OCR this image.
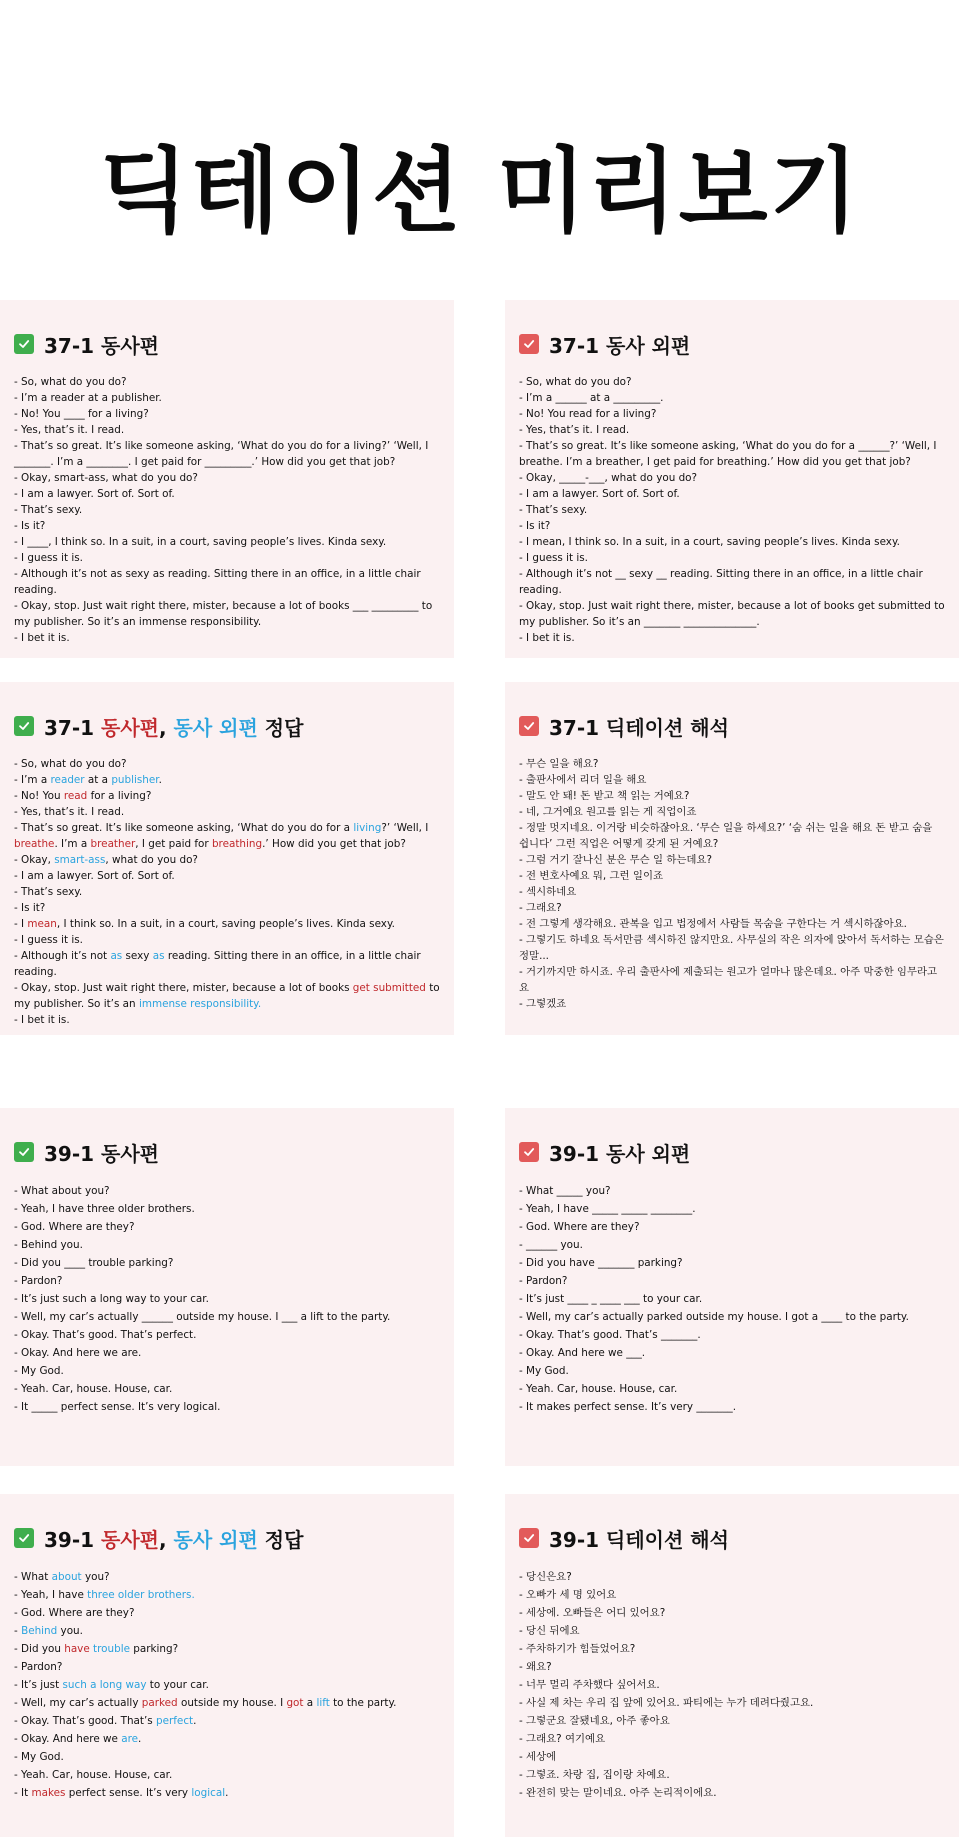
딕테이션 미리보기
37-1 동사편
- So, what do you do?
- I’m a reader at a publisher.
- No! You ____ for a living?
- Yes, that’s it. I read.
- That’s so great. It’s like someone asking, ‘What do you do for a living?’ ‘Well, I _______. I’m a ________. I get paid for _________.’ How did you get that job?
- Okay, smart-ass, what do you do?
- I am a lawyer. Sort of. Sort of.
- That’s sexy.
- Is it?
- I ____, I think so. In a suit, in a court, saving people’s lives. Kinda sexy.
- I guess it is.
- Although it’s not as sexy as reading. Sitting there in an office, in a little chair reading.
- Okay, stop. Just wait right there, mister, because a lot of books ___ _________ to my publisher. So it’s an immense responsibility.
- I bet it is.
37-1 동사 외편
- So, what do you do?
- I’m a ______ at a _________.
- No! You read for a living?
- Yes, that’s it. I read.
- That’s so great. It’s like someone asking, ‘What do you do for a ______?’ ‘Well, I breathe. I’m a breather, I get paid for breathing.’ How did you get that job?
- Okay, _____-___, what do you do?
- I am a lawyer. Sort of. Sort of.
- That’s sexy.
- Is it?
- I mean, I think so. In a suit, in a court, saving people’s lives. Kinda sexy.
- I guess it is.
- Although it’s not __ sexy __ reading. Sitting there in an office, in a little chair reading.
- Okay, stop. Just wait right there, mister, because a lot of books get submitted to my publisher. So it’s an _______ ______________.
- I bet it is.
37-1 동사편, 동사 외편 정답
- So, what do you do?
- I’m a reader at a publisher.
- No! You read for a living?
- Yes, that’s it. I read.
- That’s so great. It’s like someone asking, ‘What do you do for a living?’ ‘Well, I breathe. I’m a breather, I get paid for breathing.’ How did you get that job?
- Okay, smart-ass, what do you do?
- I am a lawyer. Sort of. Sort of.
- That’s sexy.
- Is it?
- I mean, I think so. In a suit, in a court, saving people’s lives. Kinda sexy.
- I guess it is.
- Although it’s not as sexy as reading. Sitting there in an office, in a little chair reading.
- Okay, stop. Just wait right there, mister, because a lot of books get submitted to my publisher. So it’s an immense responsibility.
- I bet it is.
37-1 딕테이션 해석
- 무슨 일을 해요?
- 출판사에서 리더 일을 해요
- 말도 안 돼! 돈 받고 책 읽는 거예요?
- 네, 그거예요 원고를 읽는 게 직업이죠
- 정말 멋지네요. 이거랑 비슷하잖아요. ‘무슨 일을 하세요?’ ‘숨 쉬는 일을 해요 돈 받고 숨을 쉽니다’ 그런 직업은 어떻게 갖게 된 거예요?
- 그럼 거기 잘나신 분은 무슨 일 하는데요?
- 전 변호사예요 뭐, 그런 일이죠
- 섹시하네요
- 그래요?
- 전 그렇게 생각해요. 관복을 입고 법정에서 사람들 목숨을 구한다는 거 섹시하잖아요.
- 그렇기도 하네요 독서만큼 섹시하진 않지만요. 사무실의 작은 의자에 앉아서 독서하는 모습은 정말...
- 거기까지만 하시죠. 우리 출판사에 제출되는 원고가 얼마나 많은데요. 아주 막중한 임무라고요
- 그렇겠죠
39-1 동사편
- What about you?
- Yeah, I have three older brothers.
- God. Where are they?
- Behind you.
- Did you ____ trouble parking?
- Pardon?
- It’s just such a long way to your car.
- Well, my car’s actually ______ outside my house. I ___ a lift to the party.
- Okay. That’s good. That’s perfect.
- Okay. And here we are.
- My God.
- Yeah. Car, house. House, car.
- It _____ perfect sense. It’s very logical.
39-1 동사 외편
- What _____ you?
- Yeah, I have _____ _____ ________.
- God. Where are they?
- ______ you.
- Did you have _______ parking?
- Pardon?
- It’s just ____ _ ____ ___ to your car.
- Well, my car’s actually parked outside my house. I got a ____ to the party.
- Okay. That’s good. That’s _______.
- Okay. And here we ___.
- My God.
- Yeah. Car, house. House, car.
- It makes perfect sense. It’s very _______.
39-1 동사편, 동사 외편 정답
- What about you?
- Yeah, I have three older brothers.
- God. Where are they?
- Behind you.
- Did you have trouble parking?
- Pardon?
- It’s just such a long way to your car.
- Well, my car’s actually parked outside my house. I got a lift to the party.
- Okay. That’s good. That’s perfect.
- Okay. And here we are.
- My God.
- Yeah. Car, house. House, car.
- It makes perfect sense. It’s very logical.
39-1 딕테이션 해석
- 당신은요?
- 오빠가 세 명 있어요
- 세상에. 오빠들은 어디 있어요?
- 당신 뒤에요
- 주차하기가 힘들었어요?
- 왜요?
- 너무 멀리 주차했다 싶어서요.
- 사실 제 차는 우리 집 앞에 있어요. 파티에는 누가 데려다줬고요.
- 그렇군요 잘됐네요, 아주 좋아요
- 그래요? 여기예요
- 세상에
- 그렇죠. 차랑 집, 집이랑 차예요.
- 완전히 맞는 말이네요. 아주 논리적이에요.
